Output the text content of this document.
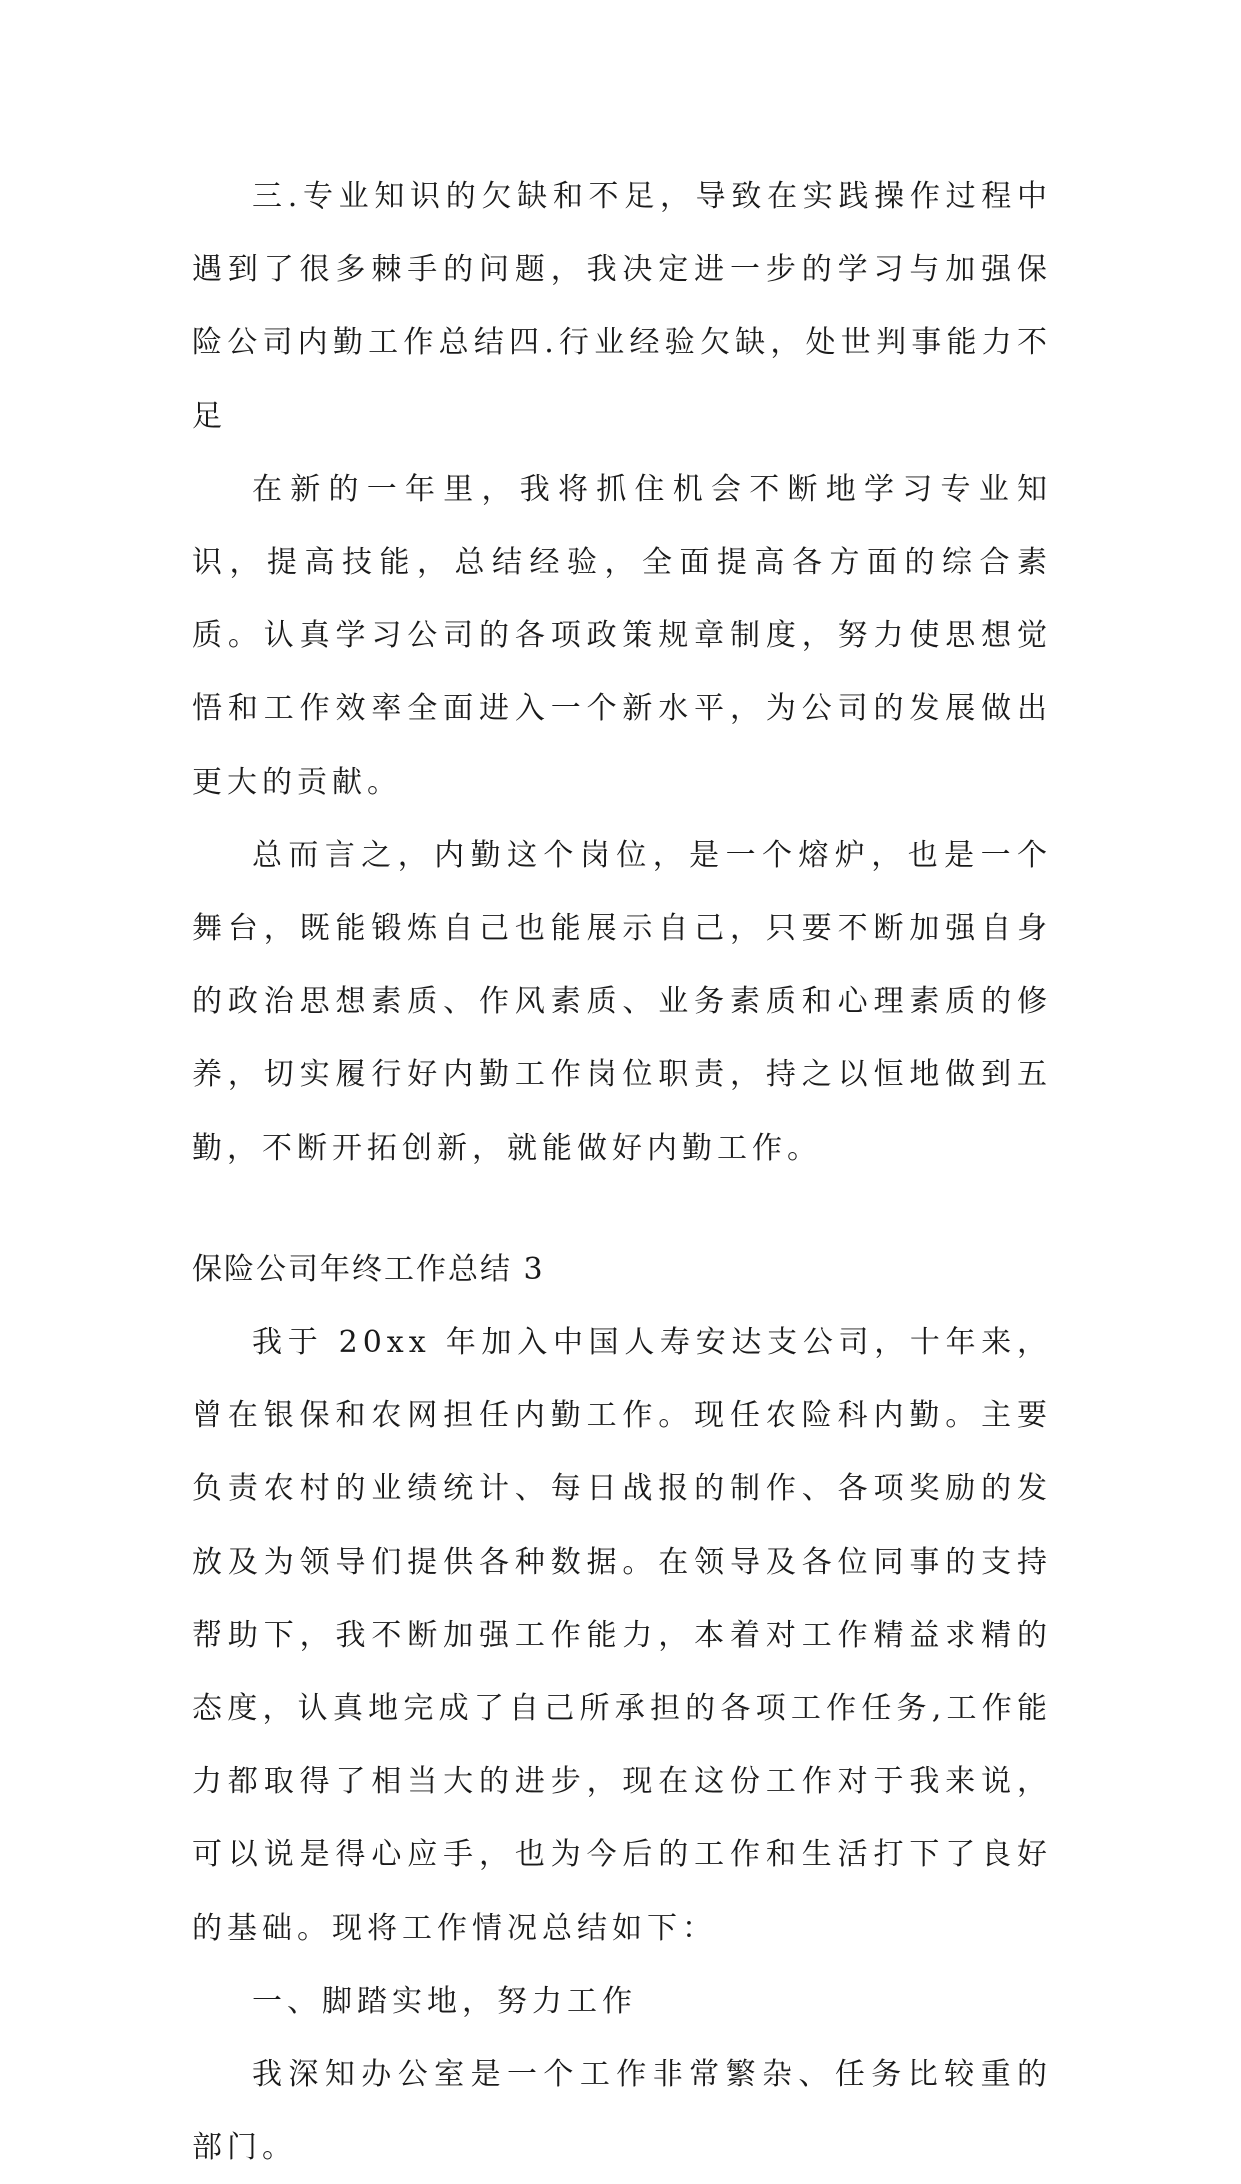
三.专业知识的欠缺和不足，导致在实践操作过程中遇到了很多棘手的问题，我决定进一步的学习与加强保险公司内勤工作总结四.行业经验欠缺，处世判事能力不足

在新的一年里，我将抓住机会不断地学习专业知识，提高技能，总结经验，全面提高各方面的综合素质。认真学习公司的各项政策规章制度，努力使思想觉悟和工作效率全面进入一个新水平，为公司的发展做出更大的贡献。

总而言之，内勤这个岗位，是一个熔炉，也是一个舞台，既能锻炼自己也能展示自己，只要不断加强自身的政治思想素质、作风素质、业务素质和心理素质的修养，切实履行好内勤工作岗位职责，持之以恒地做到五勤，不断开拓创新，就能做好内勤工作。

保险公司年终工作总结 3

我于 20xx 年加入中国人寿安达支公司，十年来，曾在银保和农网担任内勤工作。现任农险科内勤。主要负责农村的业绩统计、每日战报的制作、各项奖励的发放及为领导们提供各种数据。在领导及各位同事的支持帮助下，我不断加强工作能力，本着对工作精益求精的态度，认真地完成了自己所承担的各项工作任务,工作能力都取得了相当大的进步，现在这份工作对于我来说，可以说是得心应手，也为今后的工作和生活打下了良好的基础。现将工作情况总结如下：

一、脚踏实地，努力工作

我深知办公室是一个工作非常繁杂、任务比较重的部门。
